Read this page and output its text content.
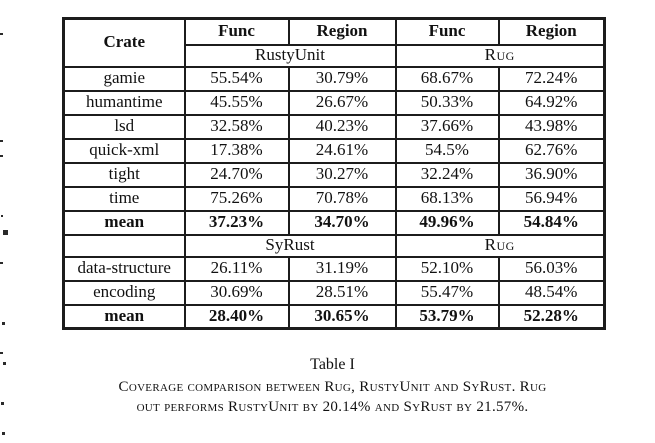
Crate	Func	Region	Func	Region
	RustyUnit		Rug	
gamie	55.54%	30.79%	68.67%	72.24%
humantime	45.55%	26.67%	50.33%	64.92%
lsd	32.58%	40.23%	37.66%	43.98%
quick-xml	17.38%	24.61%	54.5%	62.76%
tight	24.70%	30.27%	32.24%	36.90%
time	75.26%	70.78%	68.13%	56.94%
mean	37.23%	34.70%	49.96%	54.84%
	SyRust		Rug	
data-structure	26.11%	31.19%	52.10%	56.03%
encoding	30.69%	28.51%	55.47%	48.54%
mean	28.40%	30.65%	53.79%	52.28%
Table I
Coverage comparison between Rug, RustyUnit and SyRust. Rug
out performs RustyUnit by 20.14% and SyRust by 21.57%.
